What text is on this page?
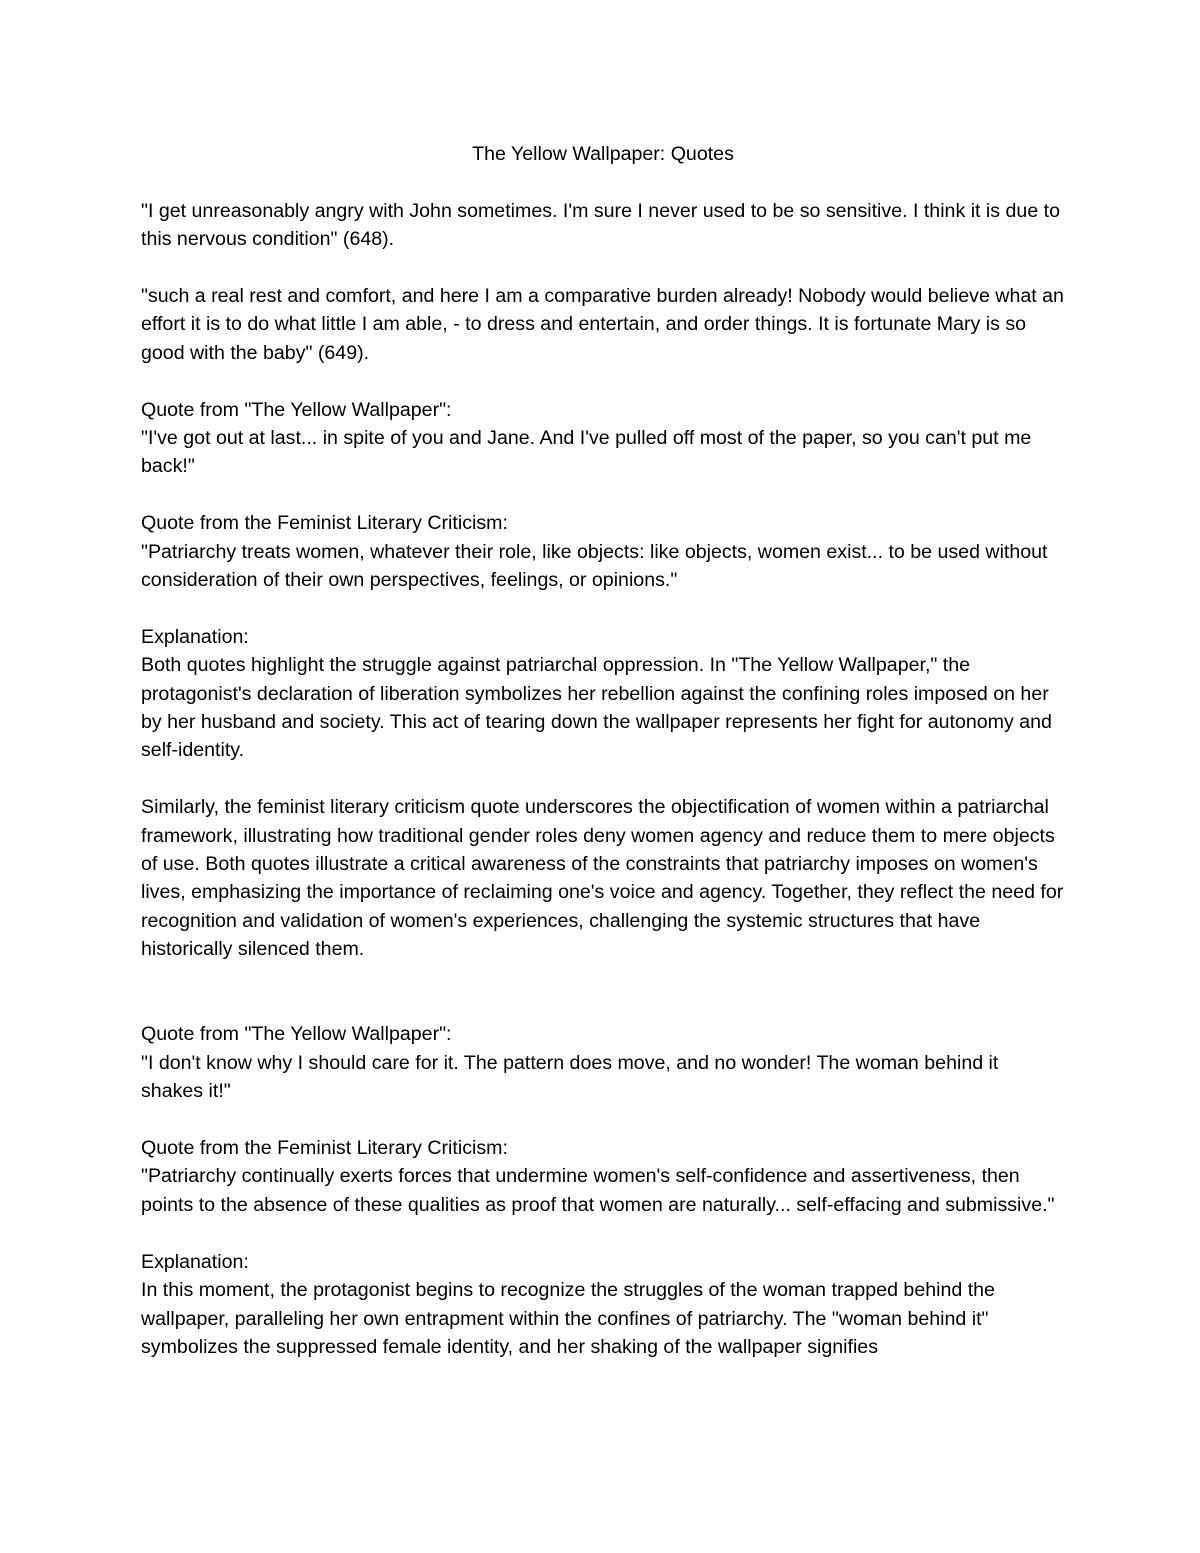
The Yellow Wallpaper: Quotes

"I get unreasonably angry with John sometimes. I'm sure I never used to be so sensitive. I think it is due to this nervous condition" (648).

"such a real rest and comfort, and here I am a comparative burden already! Nobody would believe what an effort it is to do what little I am able, - to dress and entertain, and order things. It is fortunate Mary is so good with the baby" (649).

Quote from "The Yellow Wallpaper":
"I've got out at last... in spite of you and Jane. And I've pulled off most of the paper, so you can't put me back!"
Quote from the Feminist Literary Criticism:
"Patriarchy treats women, whatever their role, like objects: like objects, women exist... to be used without consideration of their own perspectives, feelings, or opinions."
Explanation:
Both quotes highlight the struggle against patriarchal oppression. In "The Yellow Wallpaper," the protagonist's declaration of liberation symbolizes her rebellion against the confining roles imposed on her by her husband and society. This act of tearing down the wallpaper represents her fight for autonomy and self-identity.

Similarly, the feminist literary criticism quote underscores the objectification of women within a patriarchal framework, illustrating how traditional gender roles deny women agency and reduce them to mere objects of use. Both quotes illustrate a critical awareness of the constraints that patriarchy imposes on women's lives, emphasizing the importance of reclaiming one's voice and agency. Together, they reflect the need for recognition and validation of women's experiences, challenging the systemic structures that have historically silenced them.

Quote from "The Yellow Wallpaper":
"I don't know why I should care for it. The pattern does move, and no wonder! The woman behind it shakes it!"
Quote from the Feminist Literary Criticism:
"Patriarchy continually exerts forces that undermine women's self-confidence and assertiveness, then points to the absence of these qualities as proof that women are naturally... self-effacing and submissive."
Explanation:
In this moment, the protagonist begins to recognize the struggles of the woman trapped behind the wallpaper, paralleling her own entrapment within the confines of patriarchy. The "woman behind it" symbolizes the suppressed female identity, and her shaking of the wallpaper signifies
